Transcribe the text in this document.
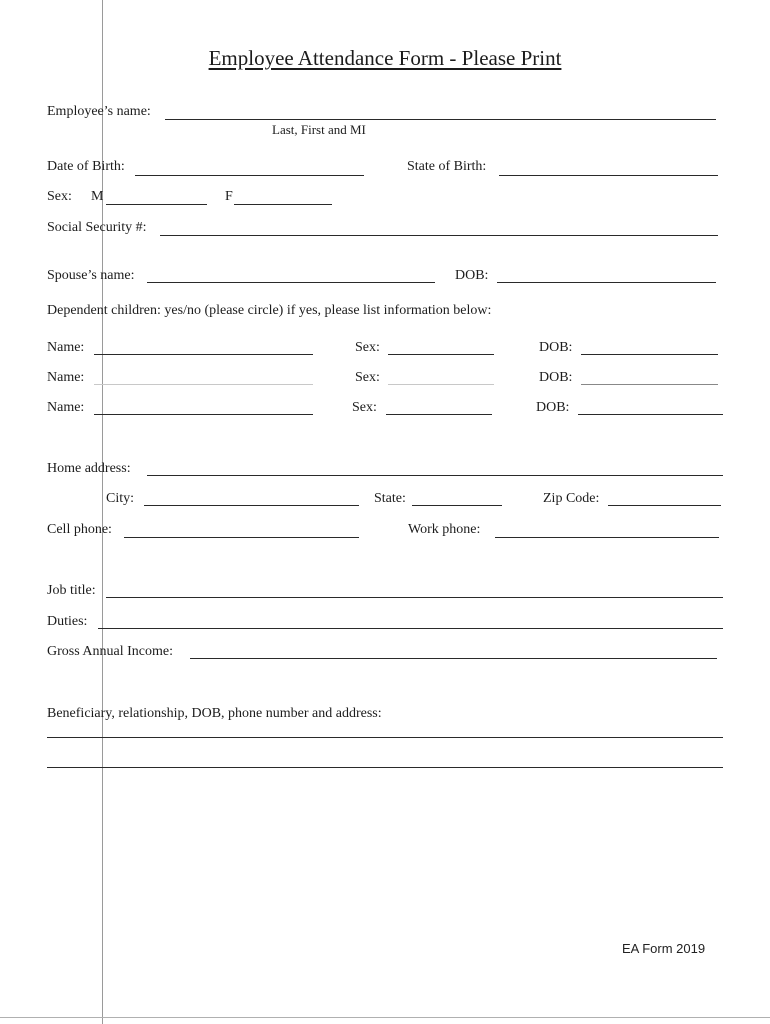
Employee Attendance Form - Please Print
Employee’s name:
Last, First and MI
Date of Birth:	State of Birth:
Sex: M	F
Social Security #:
Spouse’s name:	DOB:
Dependent children: yes/no (please circle) if yes, please list information below:
Name:	Sex:	DOB:
Name:	Sex:	DOB:
Name:	Sex:	DOB:
Home address:
City:	State:	Zip Code:
Cell phone:	Work phone:
Job title:
Duties:
Gross Annual Income:
Beneficiary, relationship, DOB, phone number and address:
EA Form 2019
